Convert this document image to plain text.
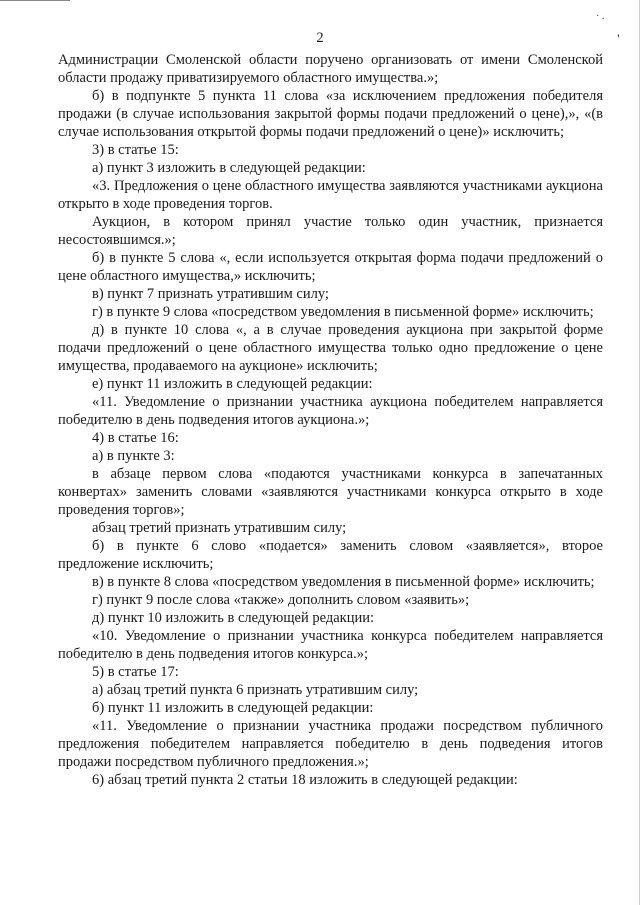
2
· .
'

Администрации Смоленской области поручено организовать от имени Смоленской области продажу приватизируемого областного имущества.»;

б) в подпункте 5 пункта 11 слова «за исключением предложения победителя продажи (в случае использования закрытой формы подачи предложений о цене),», «(в случае использования открытой формы подачи предложений о цене)» исключить;

3) в статье 15:

а) пункт 3 изложить в следующей редакции:

«3. Предложения о цене областного имущества заявляются участниками аукциона открыто в ходе проведения торгов.

Аукцион, в котором принял участие только один участник, признается несостоявшимся.»;

б) в пункте 5 слова «, если используется открытая форма подачи предложений о цене областного имущества,» исключить;

в) пункт 7 признать утратившим силу;

г) в пункте 9 слова «посредством уведомления в письменной форме» исключить;

д) в пункте 10 слова «, а в случае проведения аукциона при закрытой форме подачи предложений о цене областного имущества только одно предложение о цене имущества, продаваемого на аукционе» исключить;

е) пункт 11 изложить в следующей редакции:

«11. Уведомление о признании участника аукциона победителем направляется победителю в день подведения итогов аукциона.»;

4) в статье 16:

а) в пункте 3:

в абзаце первом слова «подаются участниками конкурса в запечатанных конвертах» заменить словами «заявляются участниками конкурса открыто в ходе проведения торгов»;

абзац третий признать утратившим силу;

б) в пункте 6 слово «подается» заменить словом «заявляется», второе предложение исключить;

в) в пункте 8 слова «посредством уведомления в письменной форме» исключить;

г) пункт 9 после слова «также» дополнить словом «заявить»;

д) пункт 10 изложить в следующей редакции:

«10. Уведомление о признании участника конкурса победителем направляется победителю в день подведения итогов конкурса.»;

5) в статье 17:

а) абзац третий пункта 6 признать утратившим силу;

б) пункт 11 изложить в следующей редакции:

«11. Уведомление о признании участника продажи посредством публичного предложения победителем направляется победителю в день подведения итогов продажи посредством публичного предложения.»;

6) абзац третий пункта 2 статьи 18 изложить в следующей редакции:
